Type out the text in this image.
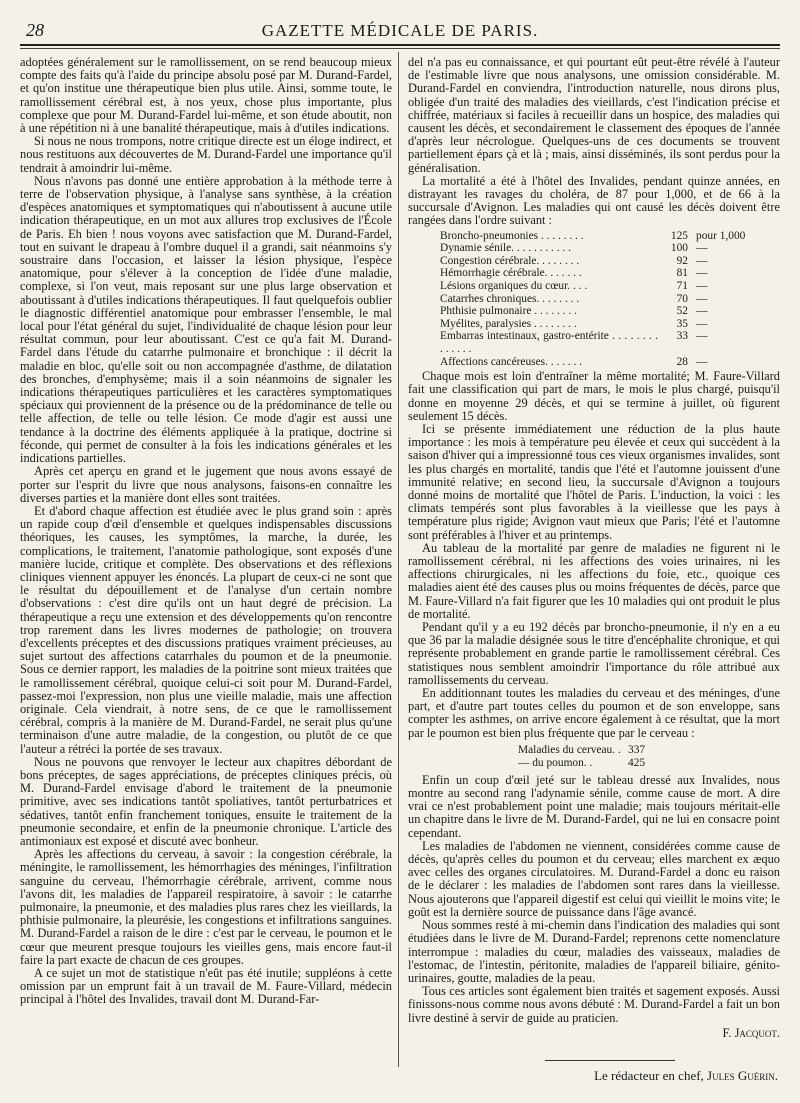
28	GAZETTE MÉDICALE DE PARIS.

adoptées généralement sur le ramollissement, on se rend beaucoup mieux compte des faits qu'à l'aide du principe absolu posé par M. Durand-Fardel, et qu'on institue une thérapeutique bien plus utile. Ainsi, somme toute, le ramollissement cérébral est, à nos yeux, chose plus importante, plus complexe que pour M. Durand-Fardel lui-même, et son étude aboutit, non à une répétition ni à une banalité thérapeutique, mais à d'utiles indications.

Si nous ne nous trompons, notre critique directe est un éloge indirect, et nous restituons aux découvertes de M. Durand-Fardel une importance qu'il tendrait à amoindrir lui-même.

Nous n'avons pas donné une entière approbation à la méthode terre à terre de l'observation physique, à l'analyse sans synthèse, à la création d'espèces anatomiques et symptomatiques qui n'aboutissent à aucune utile indication thérapeutique, en un mot aux allures trop exclusives de l'École de Paris. Eh bien ! nous voyons avec satisfaction que M. Durand-Fardel, tout en suivant le drapeau à l'ombre duquel il a grandi, sait néanmoins s'y soustraire dans l'occasion, et laisser la lésion physique, l'espèce anatomique, pour s'élever à la conception de l'idée d'une maladie, complexe, si l'on veut, mais reposant sur une plus large observation et aboutissant à d'utiles indications thérapeutiques. Il faut quelquefois oublier le diagnostic différentiel anatomique pour embrasser l'ensemble, le mal local pour l'état général du sujet, l'individualité de chaque lésion pour leur résultat commun, pour leur aboutissant. C'est ce qu'a fait M. Durand-Fardel dans l'étude du catarrhe pulmonaire et bronchique : il décrit la maladie en bloc, qu'elle soit ou non accompagnée d'asthme, de dilatation des bronches, d'emphysème; mais il a soin néanmoins de signaler les indications thérapeutiques particulières et les caractères symptomatiques spéciaux qui proviennent de la présence ou de la prédominance de telle ou telle affection, de telle ou telle lésion. Ce mode d'agir est aussi une tendance à la doctrine des éléments appliquée à la pratique, doctrine si féconde, qui permet de consulter à la fois les indications générales et les indications partielles.

Après cet aperçu en grand et le jugement que nous avons essayé de porter sur l'esprit du livre que nous analysons, faisons-en connaître les diverses parties et la manière dont elles sont traitées.

Et d'abord chaque affection est étudiée avec le plus grand soin : après un rapide coup d'œil d'ensemble et quelques indispensables discussions théoriques, les causes, les symptômes, la marche, la durée, les complications, le traitement, l'anatomie pathologique, sont exposés d'une manière lucide, critique et complète. Des observations et des réflexions cliniques viennent appuyer les énoncés. La plupart de ceux-ci ne sont que le résultat du dépouillement et de l'analyse d'un certain nombre d'observations : c'est dire qu'ils ont un haut degré de précision. La thérapeutique a reçu une extension et des développements qu'on rencontre trop rarement dans les livres modernes de pathologie; on trouvera d'excellents préceptes et des discussions pratiques vraiment précieuses, au sujet surtout des affections catarrhales du poumon et de la pneumonie. Sous ce dernier rapport, les maladies de la poitrine sont mieux traitées que le ramollissement cérébral, quoique celui-ci soit pour M. Durand-Fardel, passez-moi l'expression, non plus une vieille maladie, mais une affection originale. Cela viendrait, à notre sens, de ce que le ramollissement cérébral, compris à la manière de M. Durand-Fardel, ne serait plus qu'une terminaison d'une autre maladie, de la congestion, ou plutôt de ce que l'auteur a rétréci la portée de ses travaux.

Nous ne pouvons que renvoyer le lecteur aux chapitres débordant de bons préceptes, de sages appréciations, de préceptes cliniques précis, où M. Durand-Fardel envisage d'abord le traitement de la pneumonie primitive, avec ses indications tantôt spoliatives, tantôt perturbatrices et sédatives, tantôt enfin franchement toniques, ensuite le traitement de la pneumonie secondaire, et enfin de la pneumonie chronique. L'article des antimoniaux est exposé et discuté avec bonheur.

Après les affections du cerveau, à savoir : la congestion cérébrale, la méningite, le ramollissement, les hémorrhagies des méninges, l'infiltration sanguine du cerveau, l'hémorrhagie cérébrale, arrivent, comme nous l'avons dit, les maladies de l'appareil respiratoire, à savoir : le catarrhe pulmonaire, la pneumonie, et des maladies plus rares chez les vieillards, la phthisie pulmonaire, la pleurésie, les congestions et infiltrations sanguines. M. Durand-Fardel a raison de le dire : c'est par le cerveau, le poumon et le cœur que meurent presque toujours les vieilles gens, mais encore faut-il faire la part exacte de chacun de ces groupes.

A ce sujet un mot de statistique n'eût pas été inutile; suppléons à cette omission par un emprunt fait à un travail de M. Faure-Villard, médecin principal à l'hôtel des Invalides, travail dont M. Durand-Far-

del n'a pas eu connaissance, et qui pourtant eût peut-être révélé à l'auteur de l'estimable livre que nous analysons, une omission considérable. M. Durand-Fardel en conviendra, l'introduction naturelle, nous dirons plus, obligée d'un traité des maladies des vieillards, c'est l'indication précise et chiffrée, matériaux si faciles à recueillir dans un hospice, des maladies qui causent les décès, et secondairement le classement des époques de l'année d'après leur nécrologue. Quelques-uns de ces documents se trouvent partiellement épars çà et là ; mais, ainsi disséminés, ils sont perdus pour la généralisation.

La mortalité a été à l'hôtel des Invalides, pendant quinze années, en distrayant les ravages du choléra, de 87 pour 1,000, et de 66 à la succursale d'Avignon. Les maladies qui ont causé les décès doivent être rangées dans l'ordre suivant :

Broncho-pneumonies . . . . . . . .	125 pour 1,000
Dynamie sénile. . . . . . . . . . .	100 —
Congestion cérébrale. . . . . . . .	92 —
Hémorrhagie cérébrale. . . . . . .	81 —
Lésions organiques du cœur. . . .	71 —
Catarrhes chroniques. . . . . . . .	70 —
Phthisie pulmonaire . . . . . . . .	52 —
Myélites, paralysies . . . . . . . .	35 —
Embarras intestinaux, gastro-entérite . . . . . . . . . . . . . .
33 —
Affections cancéreuses. . . . . . .	28 —

Chaque mois est loin d'entraîner la même mortalité; M. Faure-Villard fait une classification qui part de mars, le mois le plus chargé, puisqu'il donne en moyenne 29 décès, et qui se termine à juillet, où figurent seulement 15 décès.

Ici se présente immédiatement une réduction de la plus haute importance : les mois à température peu élevée et ceux qui succèdent à la saison d'hiver qui a impressionné tous ces vieux organismes invalides, sont les plus chargés en mortalité, tandis que l'été et l'automne jouissent d'une immunité relative; en second lieu, la succursale d'Avignon a toujours donné moins de mortalité que l'hôtel de Paris. L'induction, la voici : les climats tempérés sont plus favorables à la vieillesse que les pays à température plus rigide; Avignon vaut mieux que Paris; l'été et l'automne sont préférables à l'hiver et au printemps.

Au tableau de la mortalité par genre de maladies ne figurent ni le ramollissement cérébral, ni les affections des voies urinaires, ni les affections chirurgicales, ni les affections du foie, etc., quoique ces maladies aient été des causes plus ou moins fréquentes de décès, parce que M. Faure-Villard n'a fait figurer que les 10 maladies qui ont produit le plus de mortalité.

Pendant qu'il y a eu 192 décès par broncho-pneumonie, il n'y en a eu que 36 par la maladie désignée sous le titre d'encéphalite chronique, et qui représente probablement en grande partie le ramollissement cérébral. Ces statistiques nous semblent amoindrir l'importance du rôle attribué aux ramollissements du cerveau.

En additionnant toutes les maladies du cerveau et des méninges, d'une part, et d'autre part toutes celles du poumon et de son enveloppe, sans compter les asthmes, on arrive encore également à ce résultat, que la mort par le poumon est bien plus fréquente que par le cerveau :

Maladies du cerveau. . 337
— du poumon. .	425

Enfin un coup d'œil jeté sur le tableau dressé aux Invalides, nous montre au second rang l'adynamie sénile, comme cause de mort. A dire vrai ce n'est probablement point une maladie; mais toujours méritait-elle un chapitre dans le livre de M. Durand-Fardel, qui ne lui en consacre point cependant.

Les maladies de l'abdomen ne viennent, considérées comme cause de décès, qu'après celles du poumon et du cerveau; elles marchent ex æquo avec celles des organes circulatoires. M. Durand-Fardel a donc eu raison de le déclarer : les maladies de l'abdomen sont rares dans la vieillesse. Nous ajouterons que l'appareil digestif est celui qui vieillit le moins vite; le goût est la dernière source de puissance dans l'âge avancé.

Nous sommes resté à mi-chemin dans l'indication des maladies qui sont étudiées dans le livre de M. Durand-Fardel; reprenons cette nomenclature interrompue : maladies du cœur, maladies des vaisseaux, maladies de l'estomac, de l'intestin, péritonite, maladies de l'appareil biliaire, génito-urinaires, goutte, maladies de la peau.

Tous ces articles sont également bien traités et sagement exposés. Aussi finissons-nous comme nous avons débuté : M. Durand-Fardel a fait un bon livre destiné à servir de guide au praticien.

F. Jacquot.
Le rédacteur en chef, Jules Guérin.
